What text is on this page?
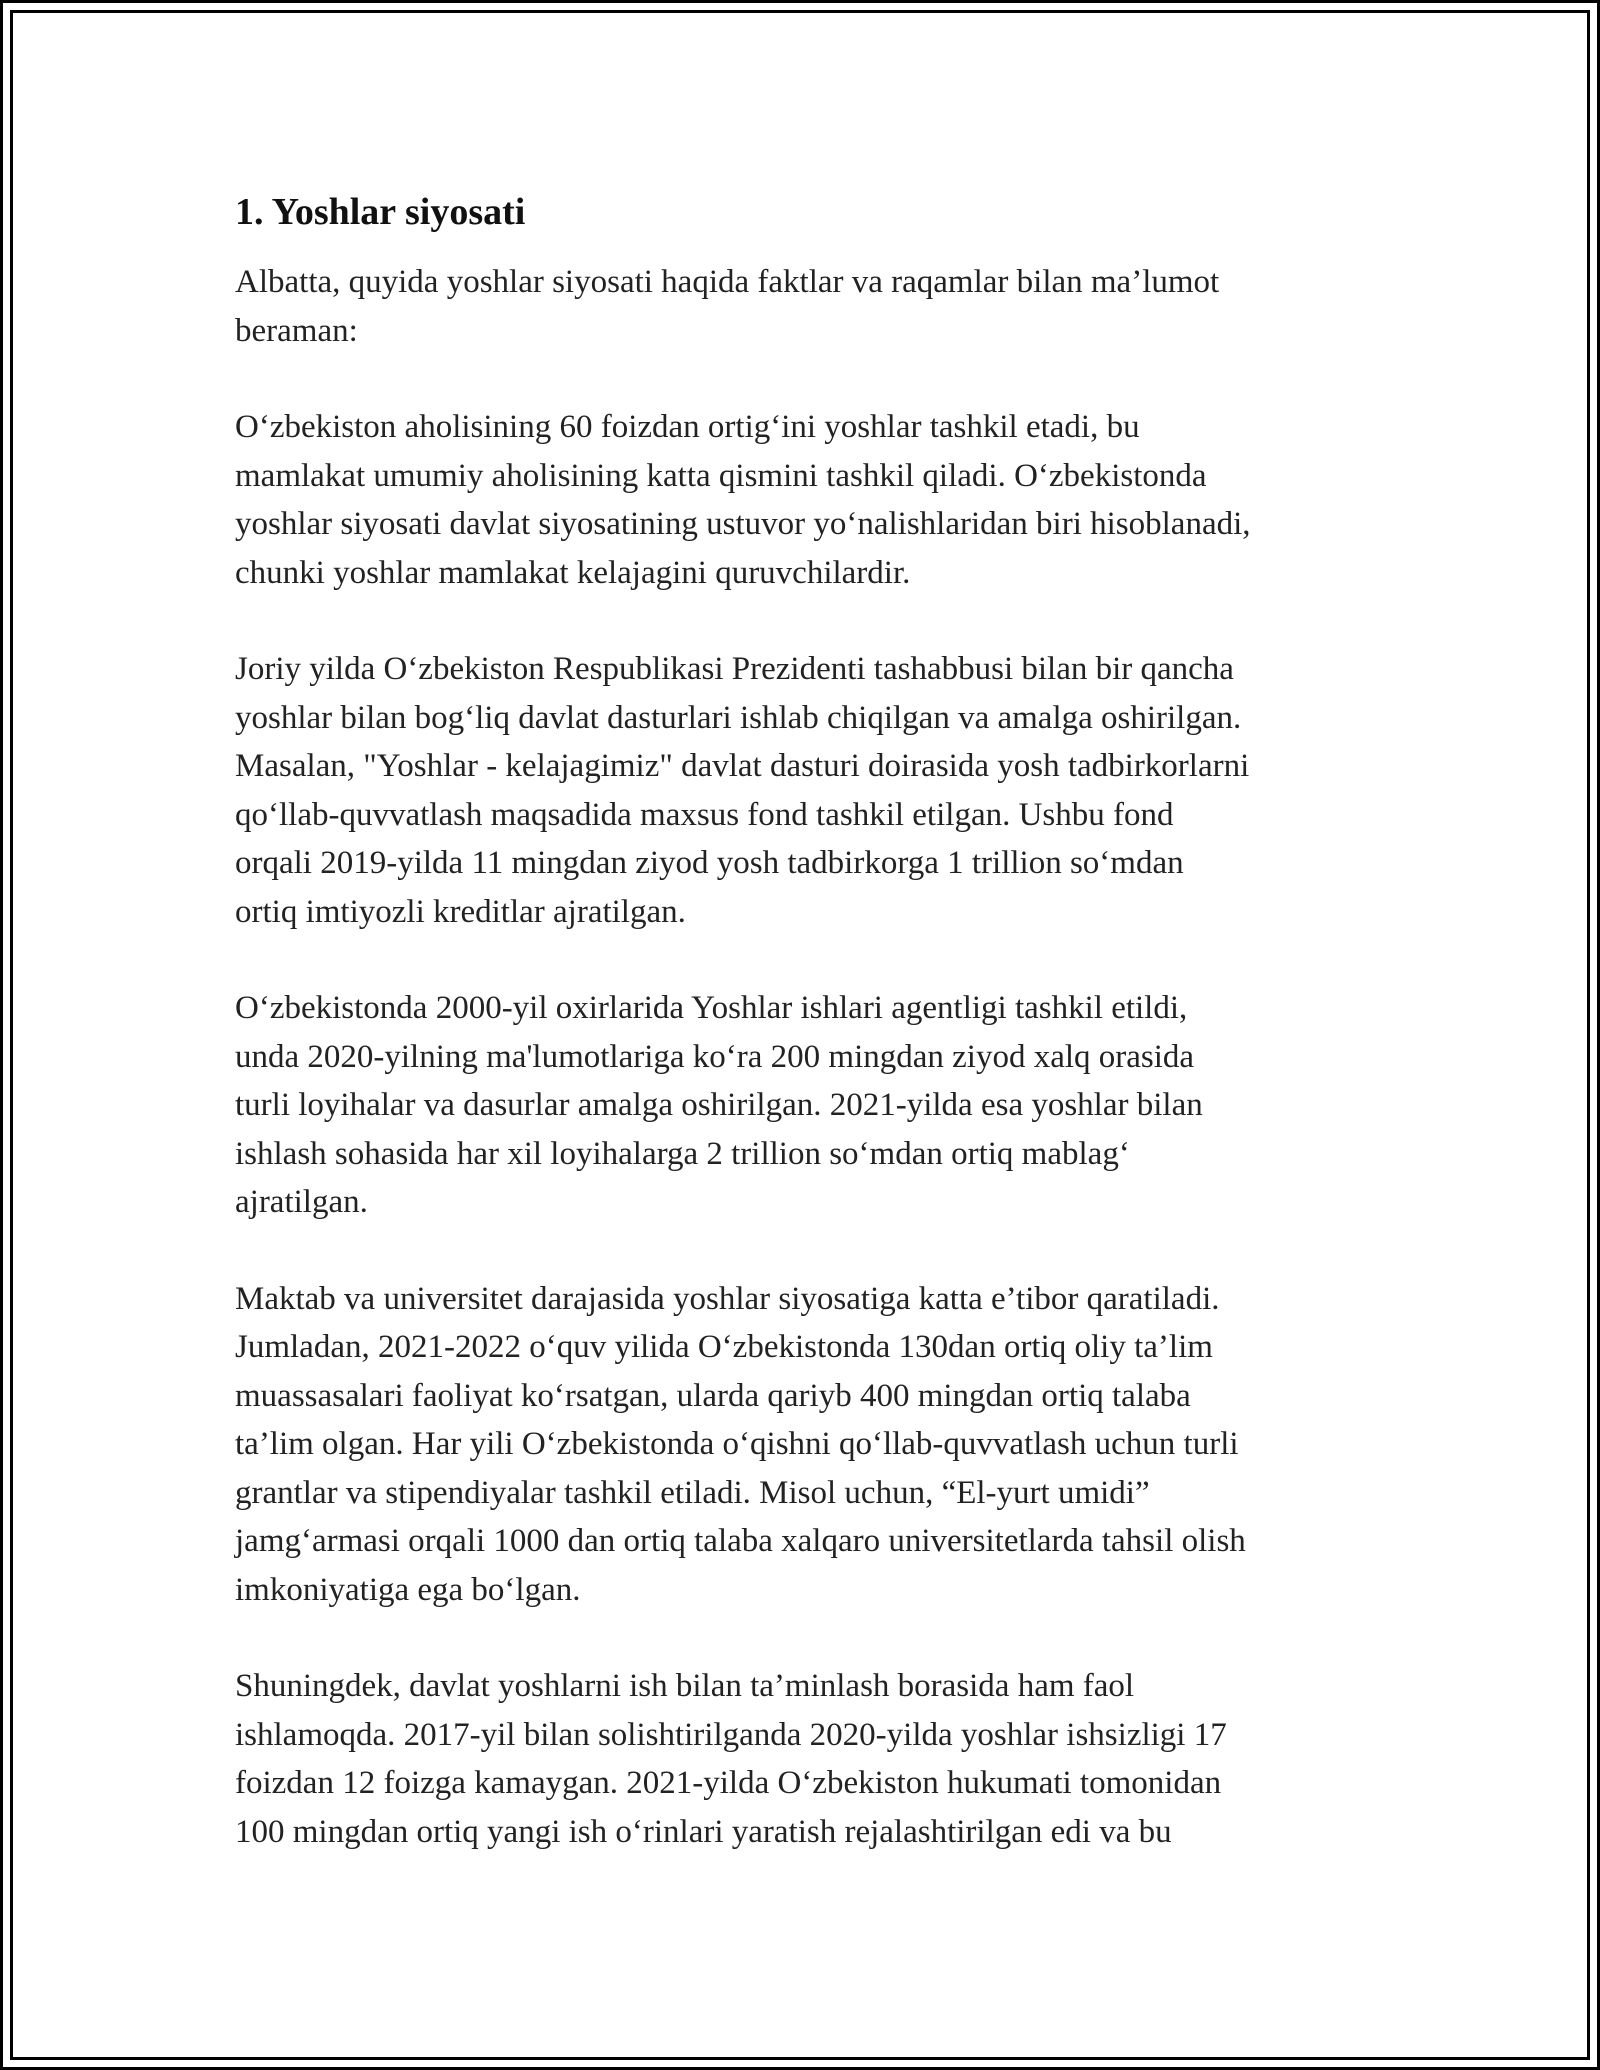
1. Yoshlar siyosati

Albatta, quyida yoshlar siyosati haqida faktlar va raqamlar bilan ma’lumot
beraman:

O‘zbekiston aholisining 60 foizdan ortig‘ini yoshlar tashkil etadi, bu
mamlakat umumiy aholisining katta qismini tashkil qiladi. O‘zbekistonda
yoshlar siyosati davlat siyosatining ustuvor yo‘nalishlaridan biri hisoblanadi,
chunki yoshlar mamlakat kelajagini quruvchilardir.

Joriy yilda O‘zbekiston Respublikasi Prezidenti tashabbusi bilan bir qancha
yoshlar bilan bog‘liq davlat dasturlari ishlab chiqilgan va amalga oshirilgan.
Masalan, "Yoshlar - kelajagimiz" davlat dasturi doirasida yosh tadbirkorlarni
qo‘llab-quvvatlash maqsadida maxsus fond tashkil etilgan. Ushbu fond
orqali 2019-yilda 11 mingdan ziyod yosh tadbirkorga 1 trillion so‘mdan
ortiq imtiyozli kreditlar ajratilgan.

O‘zbekistonda 2000-yil oxirlarida Yoshlar ishlari agentligi tashkil etildi,
unda 2020-yilning ma'lumotlariga ko‘ra 200 mingdan ziyod xalq orasida
turli loyihalar va dasurlar amalga oshirilgan. 2021-yilda esa yoshlar bilan
ishlash sohasida har xil loyihalarga 2 trillion so‘mdan ortiq mablag‘
ajratilgan.

Maktab va universitet darajasida yoshlar siyosatiga katta e’tibor qaratiladi.
Jumladan, 2021-2022 o‘quv yilida O‘zbekistonda 130dan ortiq oliy ta’lim
muassasalari faoliyat ko‘rsatgan, ularda qariyb 400 mingdan ortiq talaba
ta’lim olgan. Har yili O‘zbekistonda o‘qishni qo‘llab-quvvatlash uchun turli
grantlar va stipendiyalar tashkil etiladi. Misol uchun, “El-yurt umidi”
jamg‘armasi orqali 1000 dan ortiq talaba xalqaro universitetlarda tahsil olish
imkoniyatiga ega bo‘lgan.

Shuningdek, davlat yoshlarni ish bilan ta’minlash borasida ham faol
ishlamoqda. 2017-yil bilan solishtirilganda 2020-yilda yoshlar ishsizligi 17
foizdan 12 foizga kamaygan. 2021-yilda O‘zbekiston hukumati tomonidan
100 mingdan ortiq yangi ish o‘rinlari yaratish rejalashtirilgan edi va bu
